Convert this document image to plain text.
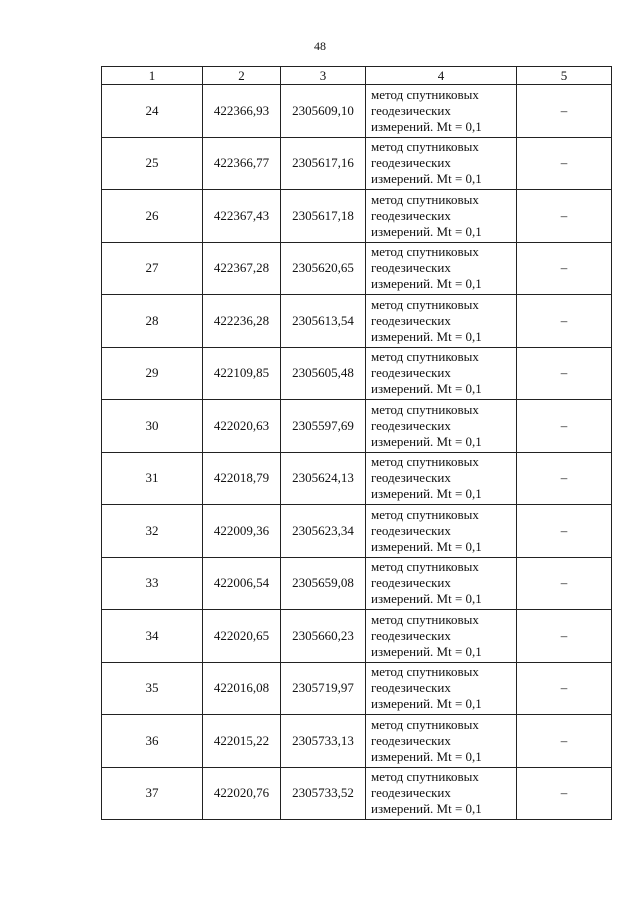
48
1	2	3	4	5
24	422366,93	2305609,10	метод спутниковых
геодезических
измерений. Mt = 0,1	–
25	422366,77	2305617,16	метод спутниковых
геодезических
измерений. Mt = 0,1	–
26	422367,43	2305617,18	метод спутниковых
геодезических
измерений. Mt = 0,1	–
27	422367,28	2305620,65	метод спутниковых
геодезических
измерений. Mt = 0,1	–
28	422236,28	2305613,54	метод спутниковых
геодезических
измерений. Mt = 0,1	–
29	422109,85	2305605,48	метод спутниковых
геодезических
измерений. Mt = 0,1	–
30	422020,63	2305597,69	метод спутниковых
геодезических
измерений. Mt = 0,1	–
31	422018,79	2305624,13	метод спутниковых
геодезических
измерений. Mt = 0,1	–
32	422009,36	2305623,34	метод спутниковых
геодезических
измерений. Mt = 0,1	–
33	422006,54	2305659,08	метод спутниковых
геодезических
измерений. Mt = 0,1	–
34	422020,65	2305660,23	метод спутниковых
геодезических
измерений. Mt = 0,1	–
35	422016,08	2305719,97	метод спутниковых
геодезических
измерений. Mt = 0,1	–
36	422015,22	2305733,13	метод спутниковых
геодезических
измерений. Mt = 0,1	–
37	422020,76	2305733,52	метод спутниковых
геодезических
измерений. Mt = 0,1	–
